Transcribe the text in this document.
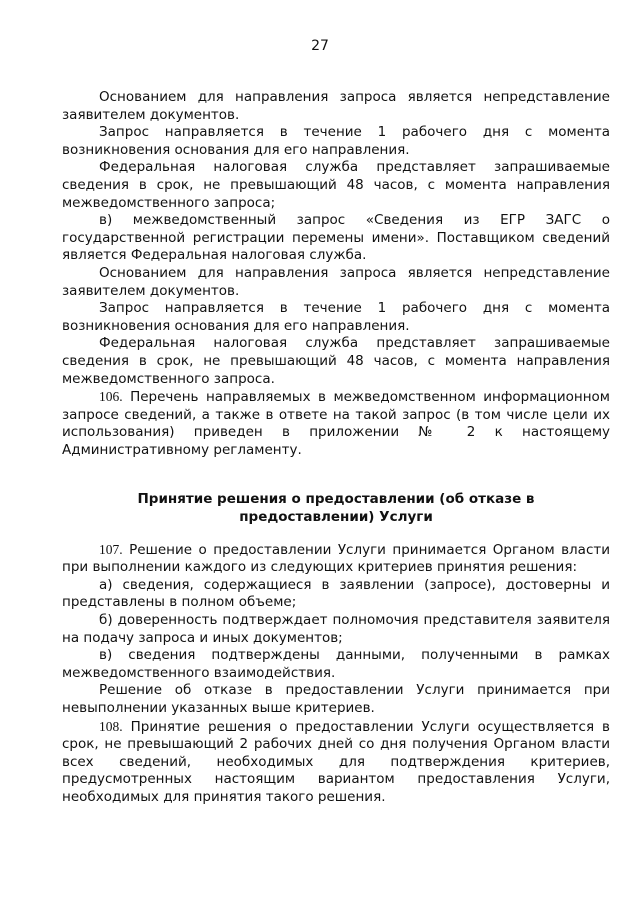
27

Основанием для направления запроса является непредставление заявителем документов.

Запрос направляется в течение 1 рабочего дня с момента возникновения основания для его направления.

Федеральная налоговая служба представляет запрашиваемые сведения в срок, не превышающий 48 часов, с момента направления межведомственного запроса;

в) межведомственный запрос «Сведения из ЕГР ЗАГС о государственной регистрации перемены имени». Поставщиком сведений является Федеральная налоговая служба.

Основанием для направления запроса является непредставление заявителем документов.

Запрос направляется в течение 1 рабочего дня с момента возникновения основания для его направления.

Федеральная налоговая служба представляет запрашиваемые сведения в срок, не превышающий 48 часов, с момента направления межведомственного запроса.

106. Перечень направляемых в межведомственном информационном запросе сведений, а также в ответе на такой запрос (в том числе цели их использования) приведен в приложении № 2 к настоящему Административному регламенту.

Принятие решения о предоставлении (об отказе в предоставлении) Услуги

107. Решение о предоставлении Услуги принимается Органом власти при выполнении каждого из следующих критериев принятия решения:

а) сведения, содержащиеся в заявлении (запросе), достоверны и представлены в полном объеме;

б) доверенность подтверждает полномочия представителя заявителя на подачу запроса и иных документов;

в) сведения подтверждены данными, полученными в рамках межведомственного взаимодействия.

Решение об отказе в предоставлении Услуги принимается при невыполнении указанных выше критериев.

108. Принятие решения о предоставлении Услуги осуществляется в срок, не превышающий 2 рабочих дней со дня получения Органом власти всех сведений, необходимых для подтверждения критериев, предусмотренных настоящим вариантом предоставления Услуги, необходимых для принятия такого решения.
